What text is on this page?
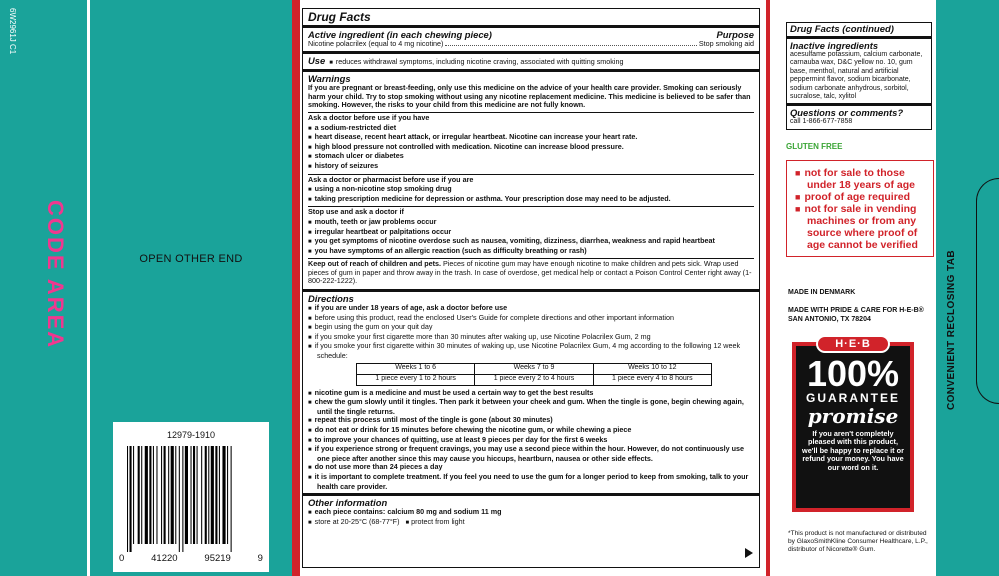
6W2961J C1
CODE AREA	OPEN OTHER END
12979-1910
0	41220	95219	9
Drug Facts
Active ingredient (in each chewing piece)	Purpose
Nicotine polacrilex (equal to 4 mg nicotine)	Stop smoking aid
Use ■ reduces withdrawal symptoms, including nicotine craving, associated with quitting smoking
Warnings
If you are pregnant or breast-feeding, only use this medicine on the advice of your health care provider. Smoking can seriously harm your child. Try to stop smoking without using any nicotine replacement medicine. This medicine is believed to be safer than smoking. However, the risks to your child from this medicine are not fully known.
Ask a doctor before use if you have
■ a sodium-restricted diet
■ heart disease, recent heart attack, or irregular heartbeat. Nicotine can increase your heart rate.
■ high blood pressure not controlled with medication. Nicotine can increase blood pressure.
■ stomach ulcer or diabetes
■ history of seizures
Ask a doctor or pharmacist before use if you are
■ using a non-nicotine stop smoking drug
■ taking prescription medicine for depression or asthma. Your prescription dose may need to be adjusted.
Stop use and ask a doctor if
■ mouth, teeth or jaw problems occur
■ irregular heartbeat or palpitations occur
■ you get symptoms of nicotine overdose such as nausea, vomiting, dizziness, diarrhea, weakness and rapid heartbeat
■ you have symptoms of an allergic reaction (such as difficulty breathing or rash)
Keep out of reach of children and pets. Pieces of nicotine gum may have enough nicotine to make children and pets sick. Wrap used pieces of gum in paper and throw away in the trash. In case of overdose, get medical help or contact a Poison Control Center right away (1-800-222-1222).
Directions
■ if you are under 18 years of age, ask a doctor before use
■ before using this product, read the enclosed User's Guide for complete directions and other important information
■ begin using the gum on your quit day
■ if you smoke your first cigarette more than 30 minutes after waking up, use Nicotine Polacrilex Gum, 2 mg
■ if you smoke your first cigarette within 30 minutes of waking up, use Nicotine Polacrilex Gum, 4 mg according to the following 12 week schedule:
Weeks 1 to 6	Weeks 7 to 9	Weeks 10 to 12
1 piece every 1 to 2 hours	1 piece every 2 to 4 hours	1 piece every 4 to 8 hours
■ nicotine gum is a medicine and must be used a certain way to get the best results
■ chew the gum slowly until it tingles. Then park it between your cheek and gum. When the tingle is gone, begin chewing again, until the tingle returns.
■ repeat this process until most of the tingle is gone (about 30 minutes)
■ do not eat or drink for 15 minutes before chewing the nicotine gum, or while chewing a piece
■ to improve your chances of quitting, use at least 9 pieces per day for the first 6 weeks
■ if you experience strong or frequent cravings, you may use a second piece within the hour. However, do not continuously use one piece after another since this may cause you hiccups, heartburn, nausea or other side effects.
■ do not use more than 24 pieces a day
■ it is important to complete treatment. If you feel you need to use the gum for a longer period to keep from smoking, talk to your health care provider.
Other information
■ each piece contains: calcium 80 mg and sodium 11 mg
■ store at 20-25°C (68-77°F) ■ protect from light
Drug Facts (continued)
Inactive ingredients
acesulfame potassium, calcium carbonate, carnauba wax, D&C yellow no. 10, gum base, menthol, natural and artificial peppermint flavor, sodium bicarbonate, sodium carbonate anhydrous, sorbitol, sucralose, talc, xylitol
Questions or comments?
call 1-866-677-7858
GLUTEN FREE
■ not for sale to those under 18 years of age
■ proof of age required
■ not for sale in vending machines or from any source where proof of age cannot be verified
MADE IN DENMARK
MADE WITH PRIDE & CARE FOR H-E-B® SAN ANTONIO, TX 78204
H·E·B
100%
GUARANTEE
promise
If you aren't completely pleased with this product, we'll be happy to replace it or refund your money. You have our word on it.
*This product is not manufactured or distributed by GlaxoSmithKline Consumer Healthcare, L.P., distributor of Nicorette® Gum.
CONVENIENT RECLOSING TAB
